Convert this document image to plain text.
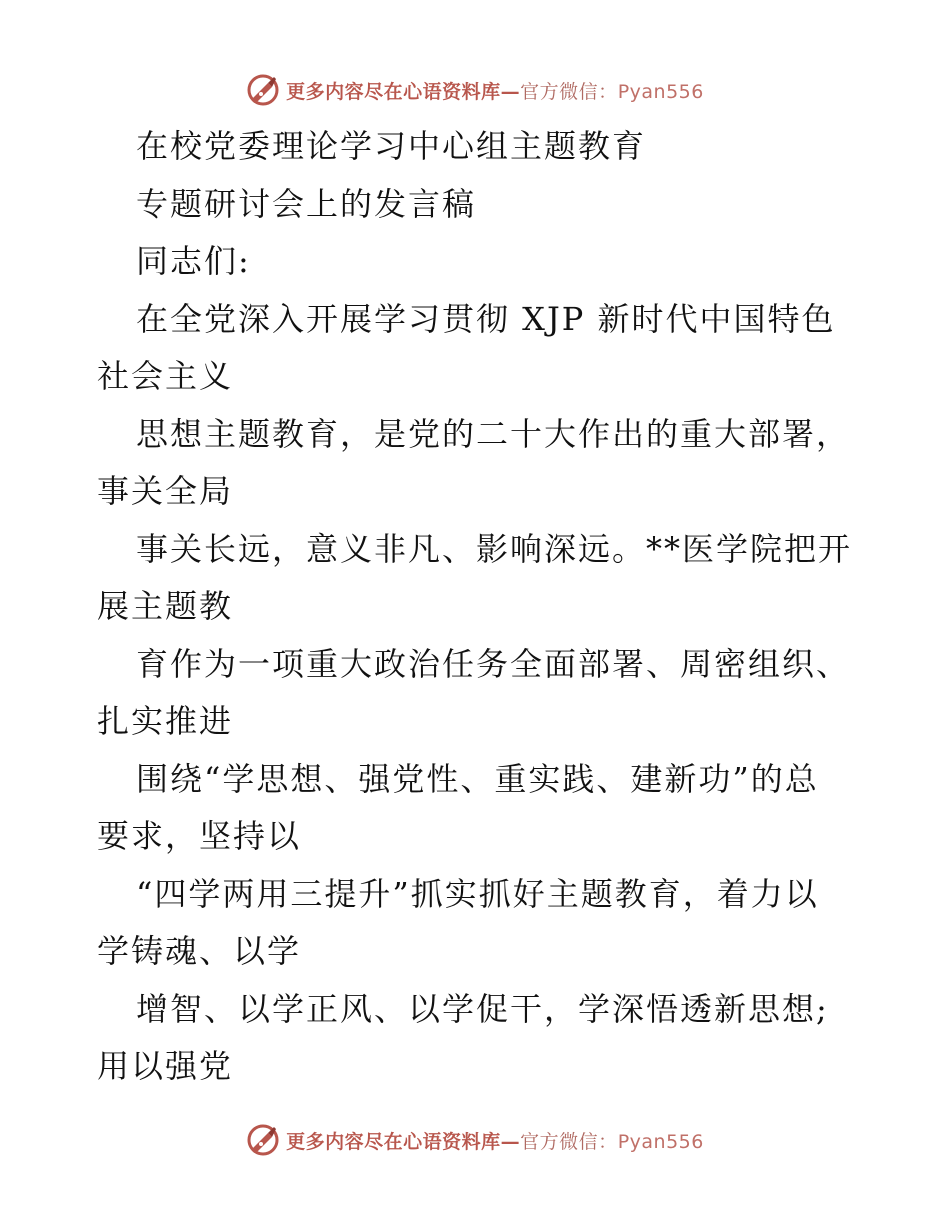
更多内容尽在心语资料库—官方微信：Pyan556
在校党委理论学习中心组主题教育
专题研讨会上的发言稿
同志们:
在全党深入开展学习贯彻 XJP 新时代中国特色
社会主义
思想主题教育，是党的二十大作出的重大部署，
事关全局
事关长远，意义非凡、影响深远。**医学院把开
展主题教
育作为一项重大政治任务全面部署、周密组织、
扎实推进
围绕“学思想、强党性、重实践、建新功”的总
要求，坚持以
“四学两用三提升”抓实抓好主题教育，着力以
学铸魂、以学
增智、以学正风、以学促干，学深悟透新思想;
用以强党
更多内容尽在心语资料库—官方微信：Pyan556
